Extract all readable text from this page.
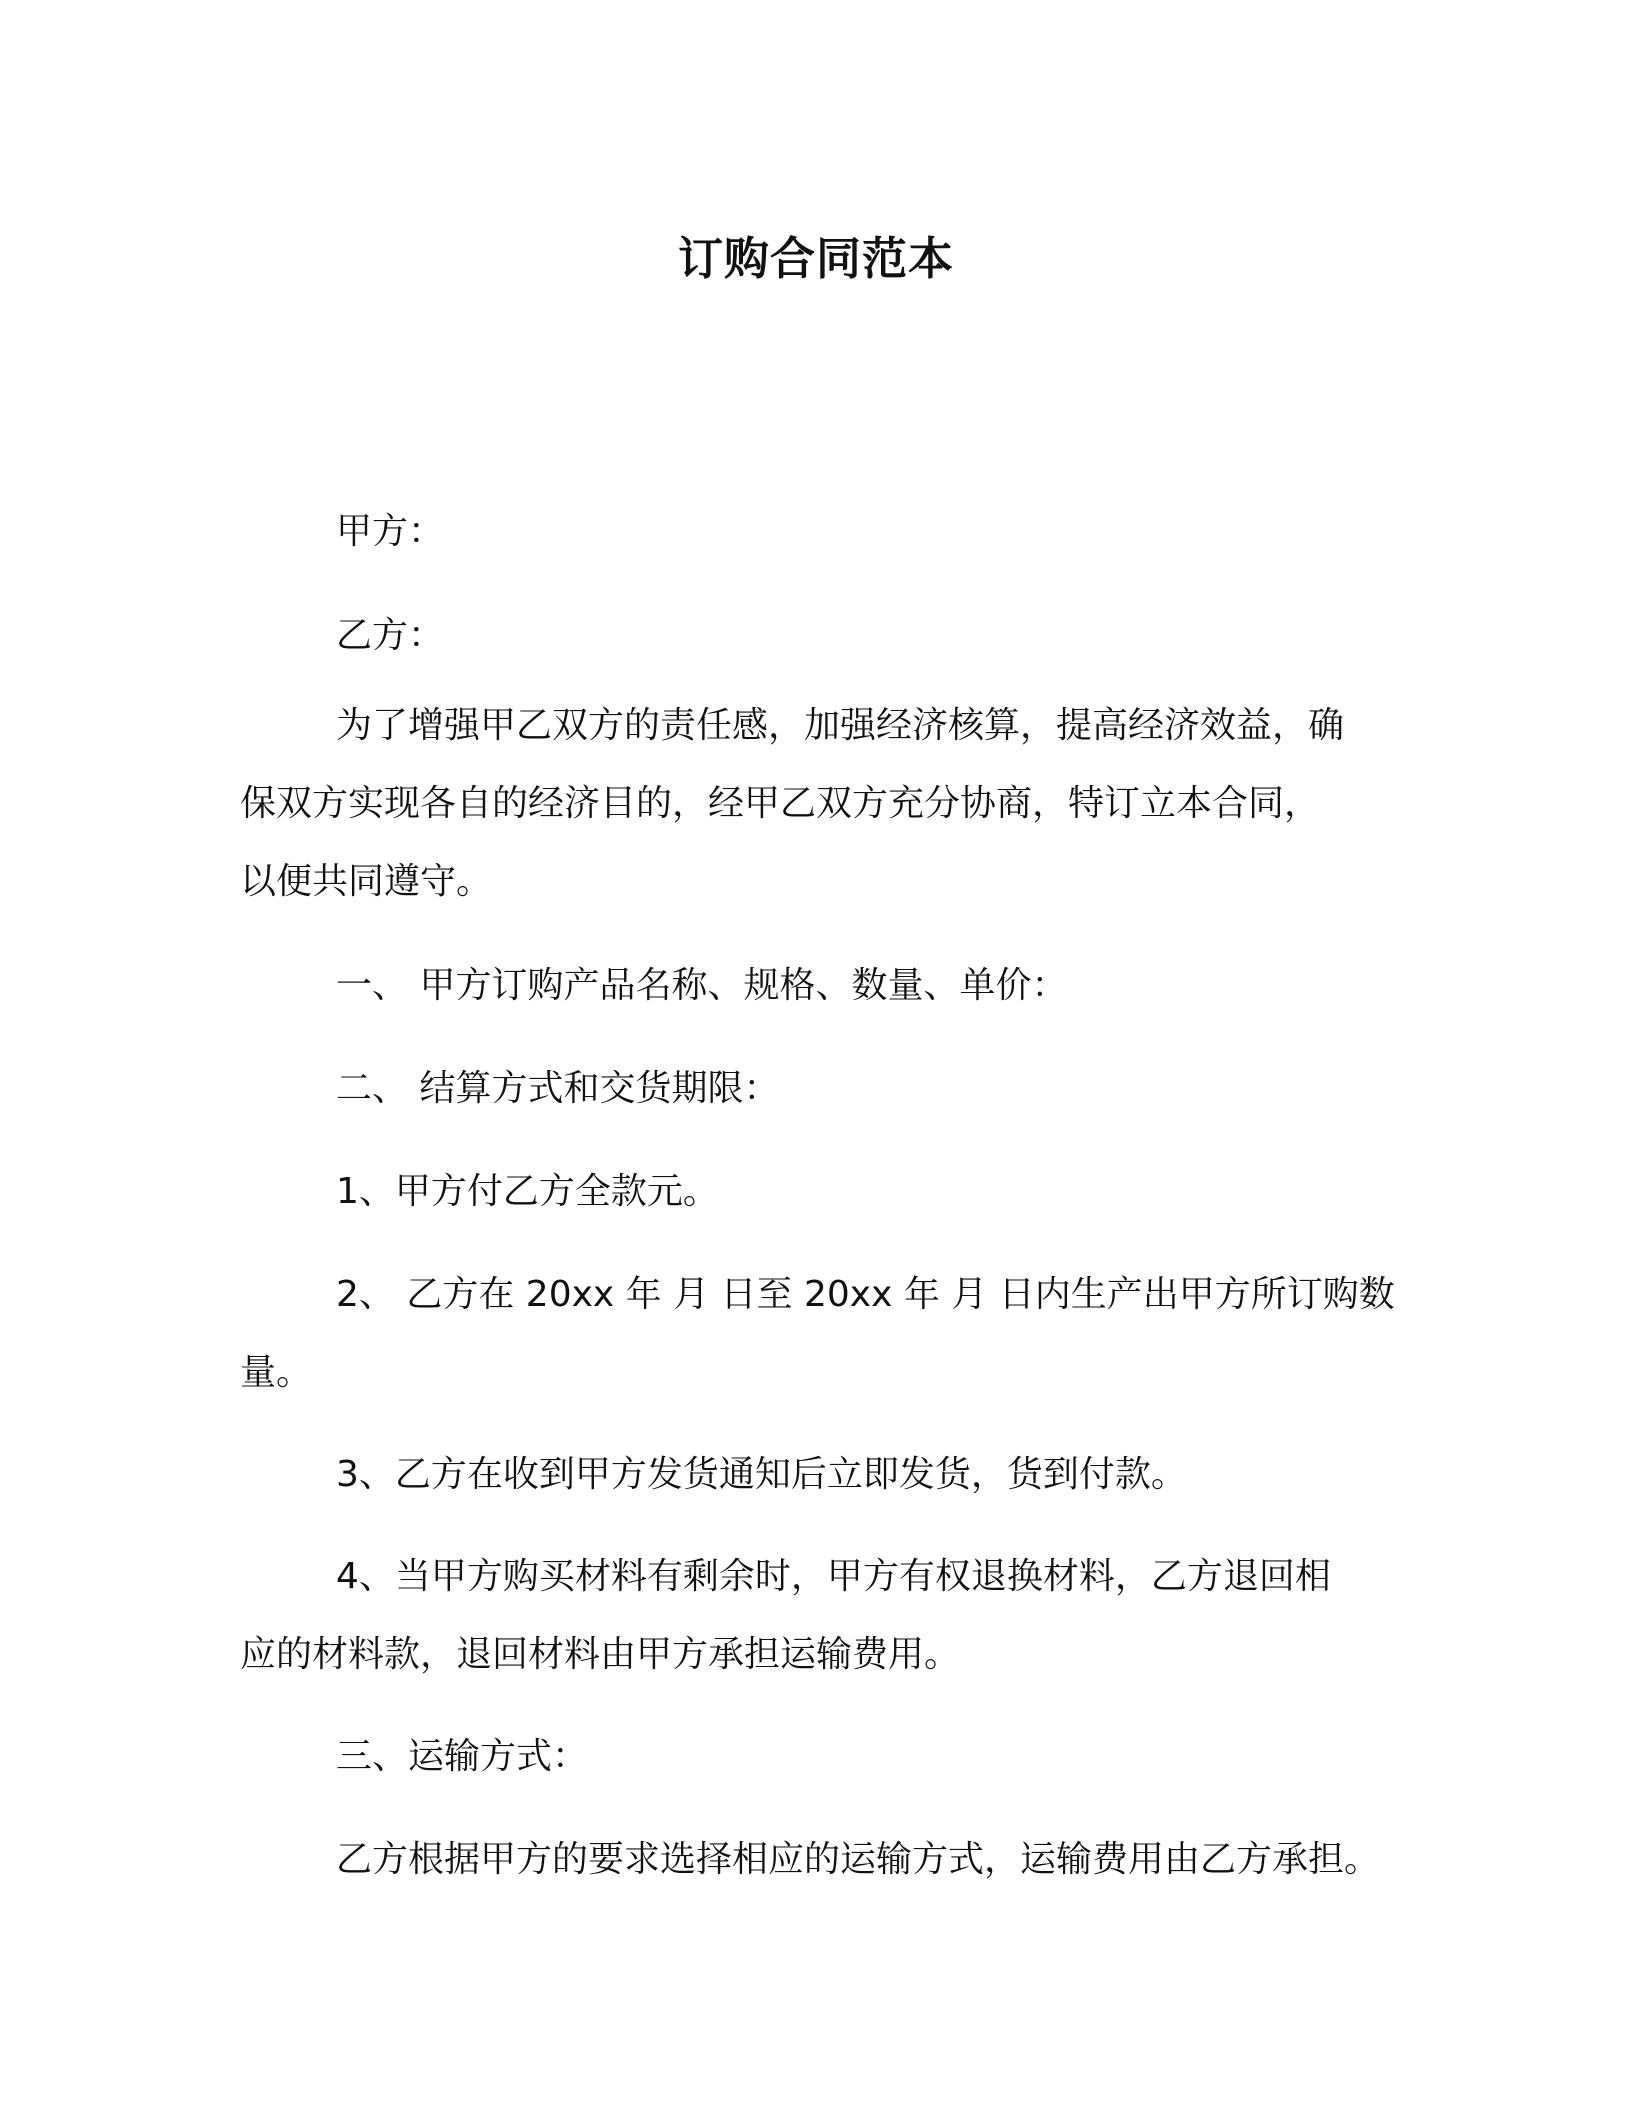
订购合同范本
甲方：
乙方：
为了增强甲乙双方的责任感，加强经济核算，提高经济效益，确
保双方实现各自的经济目的，经甲乙双方充分协商，特订立本合同，
以便共同遵守。
一、 甲方订购产品名称、规格、数量、单价：
二、 结算方式和交货期限：
1、甲方付乙方全款元。
2、 乙方在 20xx 年 月 日至 20xx 年 月 日内生产出甲方所订购数
量。
3、乙方在收到甲方发货通知后立即发货，货到付款。
4、当甲方购买材料有剩余时，甲方有权退换材料，乙方退回相
应的材料款，退回材料由甲方承担运输费用。
三、运输方式：
乙方根据甲方的要求选择相应的运输方式，运输费用由乙方承担。
